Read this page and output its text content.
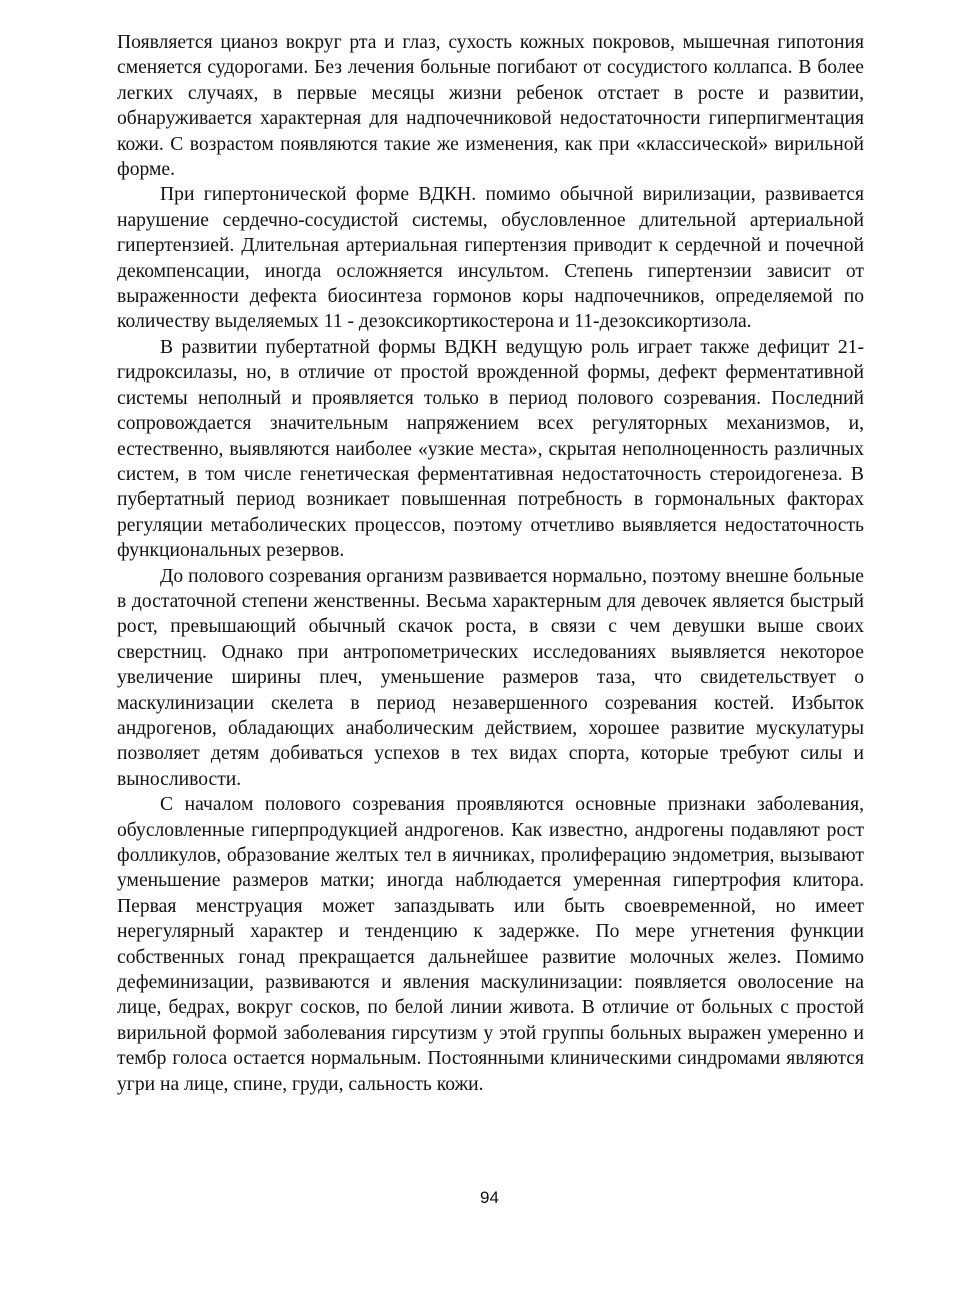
Появляется цианоз вокруг рта и глаз, сухость кожных покровов, мышечная гипотония сменяется судорогами. Без лечения больные погибают от сосудистого коллапса. В более легких случаях, в первые месяцы жизни ребенок отстает в росте и развитии, обнаруживается характерная для надпочечниковой недостаточности гиперпигментация кожи. С возрастом появляются такие же изменения, как при «классической» вирильной форме.

При гипертонической форме ВДКН. помимо обычной вирилизации, развивается нарушение сердечно-сосудистой системы, обусловленное длительной артериальной гипертензией. Длительная артериальная гипертензия приводит к сердечной и почечной декомпенсации, иногда осложняется инсультом. Степень гипертензии зависит от выраженности дефекта биосинтеза гормонов коры надпочечников, определяемой по количеству выделяемых 11 - дезоксикортикостерона и 11-дезоксикортизола.

В развитии пубертатной формы ВДКН ведущую роль играет также дефицит 21-гидроксилазы, но, в отличие от простой врожденной формы, дефект ферментативной системы неполный и проявляется только в период полового созревания. Последний сопровождается значительным напряжением всех регуляторных механизмов, и, естественно, выявляются наиболее «узкие места», скрытая неполноценность различных систем, в том числе генетическая ферментативная недостаточность стероидогенеза. В пубертатный период возникает повышенная потребность в гормональных факторах регуляции метаболических процессов, поэтому отчетливо выявляется недостаточность функциональных резервов.

До полового созревания организм развивается нормально, поэтому внешне больные в достаточной степени женственны. Весьма характерным для девочек является быстрый рост, превышающий обычный скачок роста, в связи с чем девушки выше своих сверстниц. Однако при антропометрических исследованиях выявляется некоторое увеличение ширины плеч, уменьшение размеров таза, что свидетельствует о маскулинизации скелета в период незавершенного созревания костей. Избыток андрогенов, обладающих анаболическим действием, хорошее развитие мускулатуры позволяет детям добиваться успехов в тех видах спорта, которые требуют силы и выносливости.

С началом полового созревания проявляются основные признаки заболевания, обусловленные гиперпродукцией андрогенов. Как известно, андрогены подавляют рост фолликулов, образование желтых тел в яичниках, пролиферацию эндометрия, вызывают уменьшение размеров матки; иногда наблюдается умеренная гипертрофия клитора. Первая менструация может запаздывать или быть своевременной, но имеет нерегулярный характер и тенденцию к задержке. По мере угнетения функции собственных гонад прекращается дальнейшее развитие молочных желез. Помимо дефеминизации, развиваются и явления маскулинизации: появляется оволосение на лице, бедрах, вокруг сосков, по белой линии живота. В отличие от больных с простой вирильной формой заболевания гирсутизм у этой группы больных выражен умеренно и тембр голоса остается нормальным. Постоянными клиническими синдромами являются угри на лице, спине, груди, сальность кожи.

94
